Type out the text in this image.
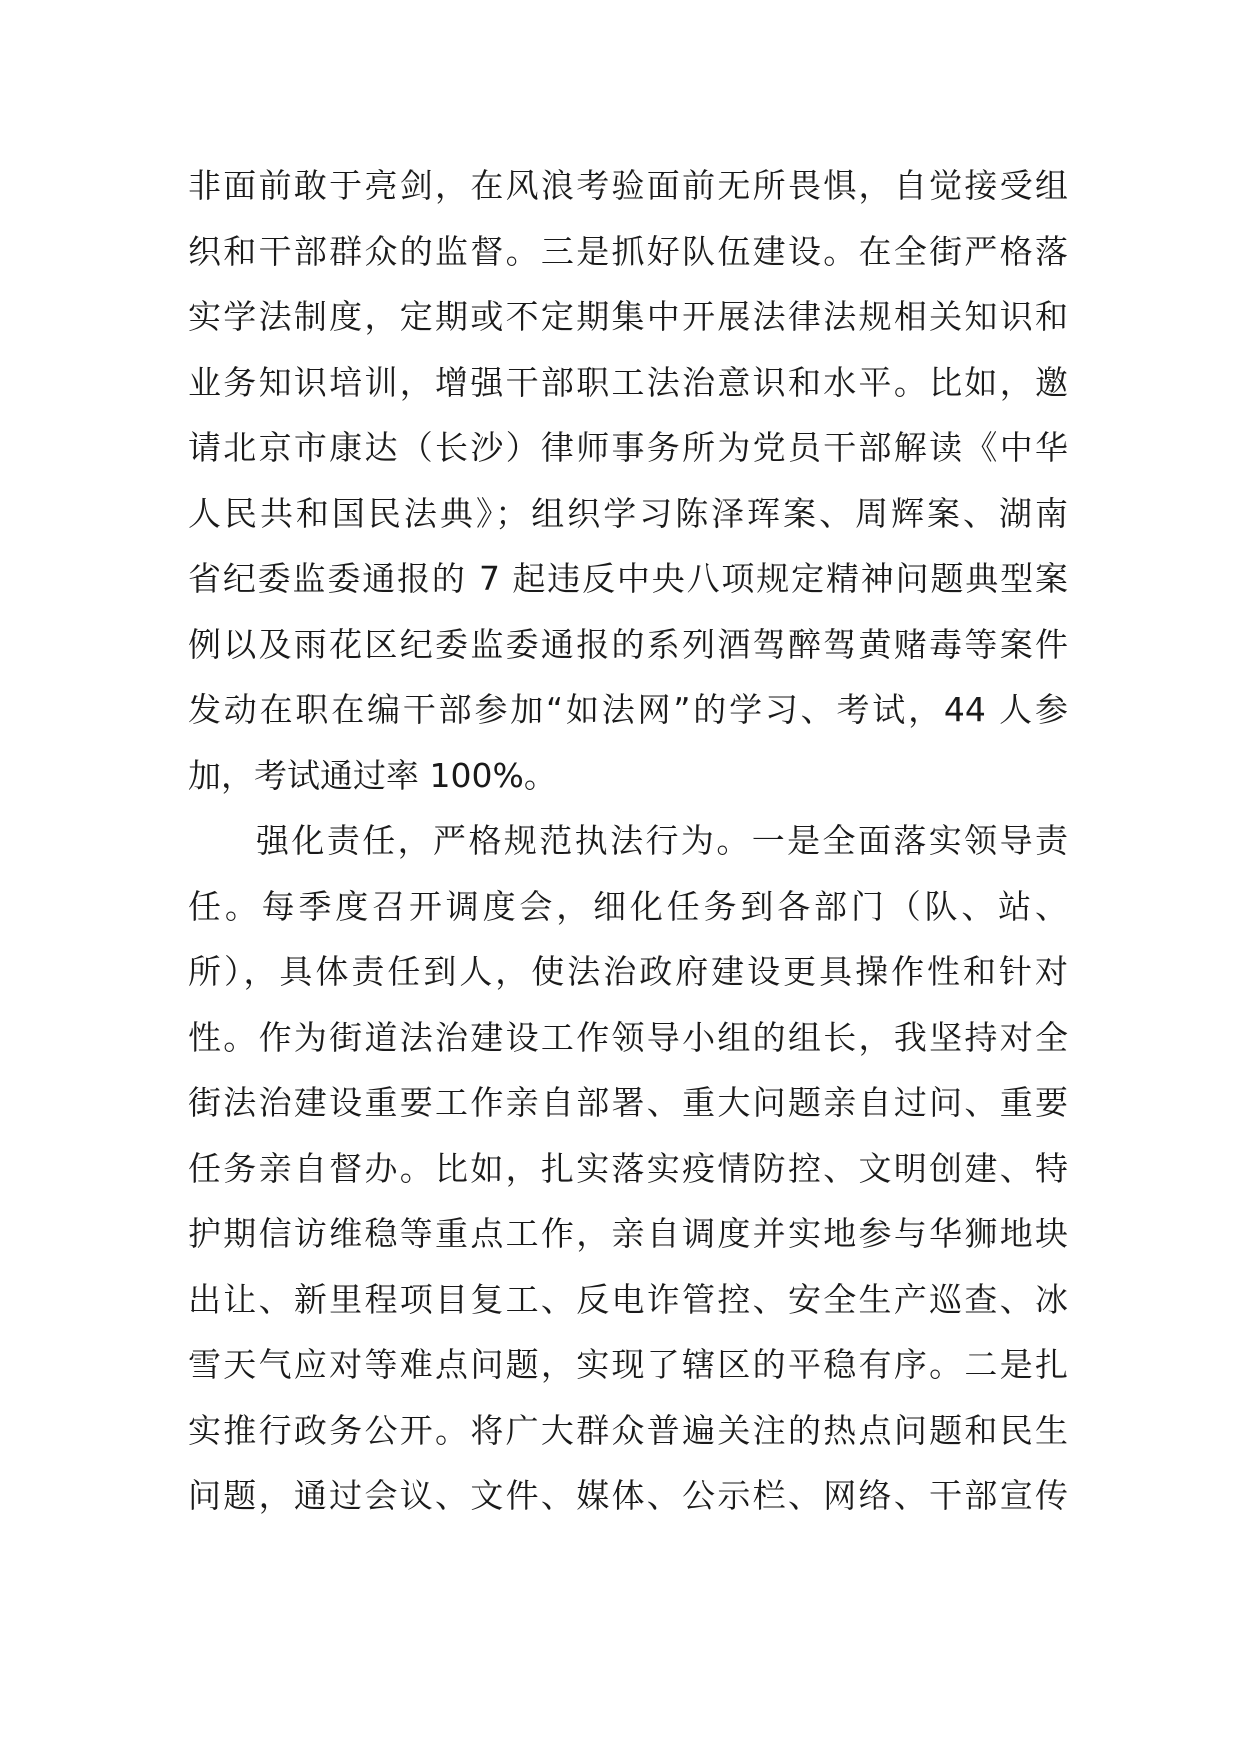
非面前敢于亮剑，在风浪考验面前无所畏惧，自觉接受组
织和干部群众的监督。三是抓好队伍建设。在全街严格落
实学法制度，定期或不定期集中开展法律法规相关知识和
业务知识培训，增强干部职工法治意识和水平。比如，邀
请北京市康达（长沙）律师事务所为党员干部解读《中华
人民共和国民法典》；组织学习陈泽珲案、周辉案、湖南
省纪委监委通报的 7 起违反中央八项规定精神问题典型案
例以及雨花区纪委监委通报的系列酒驾醉驾黄赌毒等案件
发动在职在编干部参加“如法网”的学习、考试，44 人参
加，考试通过率 100%。
强化责任，严格规范执法行为。一是全面落实领导责
任。每季度召开调度会，细化任务到各部门（队、站、
所），具体责任到人，使法治政府建设更具操作性和针对
性。作为街道法治建设工作领导小组的组长，我坚持对全
街法治建设重要工作亲自部署、重大问题亲自过问、重要
任务亲自督办。比如，扎实落实疫情防控、文明创建、特
护期信访维稳等重点工作，亲自调度并实地参与华狮地块
出让、新里程项目复工、反电诈管控、安全生产巡查、冰
雪天气应对等难点问题，实现了辖区的平稳有序。二是扎
实推行政务公开。将广大群众普遍关注的热点问题和民生
问题，通过会议、文件、媒体、公示栏、网络、干部宣传
